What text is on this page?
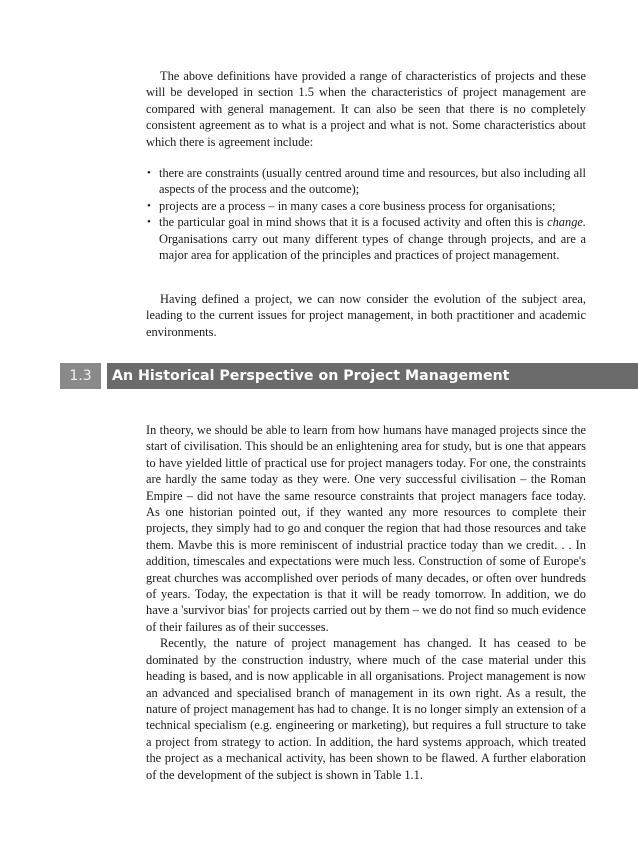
The above definitions have provided a range of characteristics of projects and these will be developed in section 1.5 when the characteristics of project management are compared with general management. It can also be seen that there is no completely consistent agreement as to what is a project and what is not. Some characteristics about which there is agreement include:

• there are constraints (usually centred around time and resources, but also including all aspects of the process and the outcome);
• projects are a process – in many cases a core business process for organisations;
• the particular goal in mind shows that it is a focused activity and often this is change. Organisations carry out many different types of change through projects, and are a major area for application of the principles and practices of project management.

Having defined a project, we can now consider the evolution of the subject area, leading to the current issues for project management, in both practitioner and academic environments.

1.3	An Historical Perspective on Project Management

In theory, we should be able to learn from how humans have managed projects since the start of civilisation. This should be an enlightening area for study, but is one that appears to have yielded little of practical use for project managers today. For one, the constraints are hardly the same today as they were. One very successful civilisation – the Roman Empire – did not have the same resource constraints that project managers face today. As one historian pointed out, if they wanted any more resources to complete their projects, they simply had to go and conquer the region that had those resources and take them. Mavbe this is more reminiscent of industrial practice today than we credit. . . In addition, timescales and expectations were much less. Construction of some of Europe's great churches was accomplished over periods of many decades, or often over hundreds of years. Today, the expectation is that it will be ready tomorrow. In addition, we do have a 'survivor bias' for projects carried out by them – we do not find so much evidence of their failures as of their successes.

Recently, the nature of project management has changed. It has ceased to be dominated by the construction industry, where much of the case material under this heading is based, and is now applicable in all organisations. Project management is now an advanced and specialised branch of management in its own right. As a result, the nature of project management has had to change. It is no longer simply an extension of a technical specialism (e.g. engineering or marketing), but requires a full structure to take a project from strategy to action. In addition, the hard systems approach, which treated the project as a mechanical activity, has been shown to be flawed. A further elaboration of the development of the subject is shown in Table 1.1.
